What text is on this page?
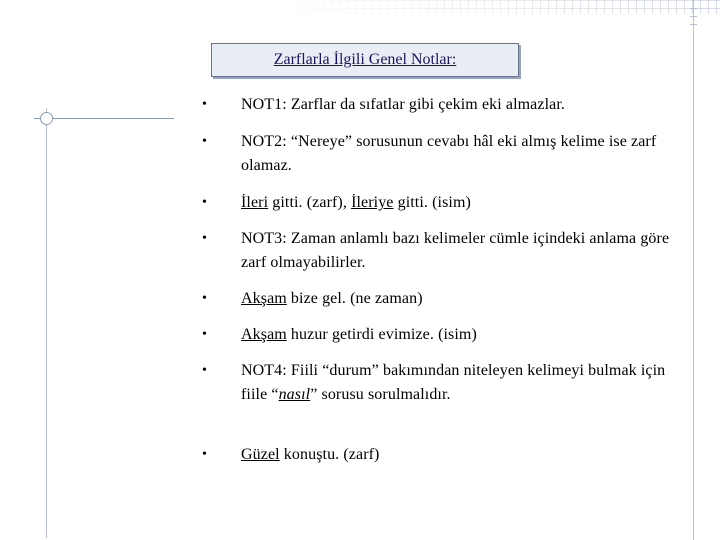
Zarflarla İlgili Genel Notlar:
•	NOT1: Zarflar da sıfatlar gibi çekim eki almazlar.
•	NOT2: “Nereye” sorusunun cevabı hâl eki almış kelime ise zarf olamaz.
•	İleri gitti. (zarf), İleriye gitti. (isim)
•	NOT3: Zaman anlamlı bazı kelimeler cümle içindeki anlama göre zarf olmayabilirler.
•	Akşam bize gel. (ne zaman)
•	Akşam huzur getirdi evimize. (isim)
•	NOT4: Fiili “durum” bakımından niteleyen kelimeyi bulmak için fiile “nasıl” sorusu sorulmalıdır.
•	Güzel konuştu. (zarf)
